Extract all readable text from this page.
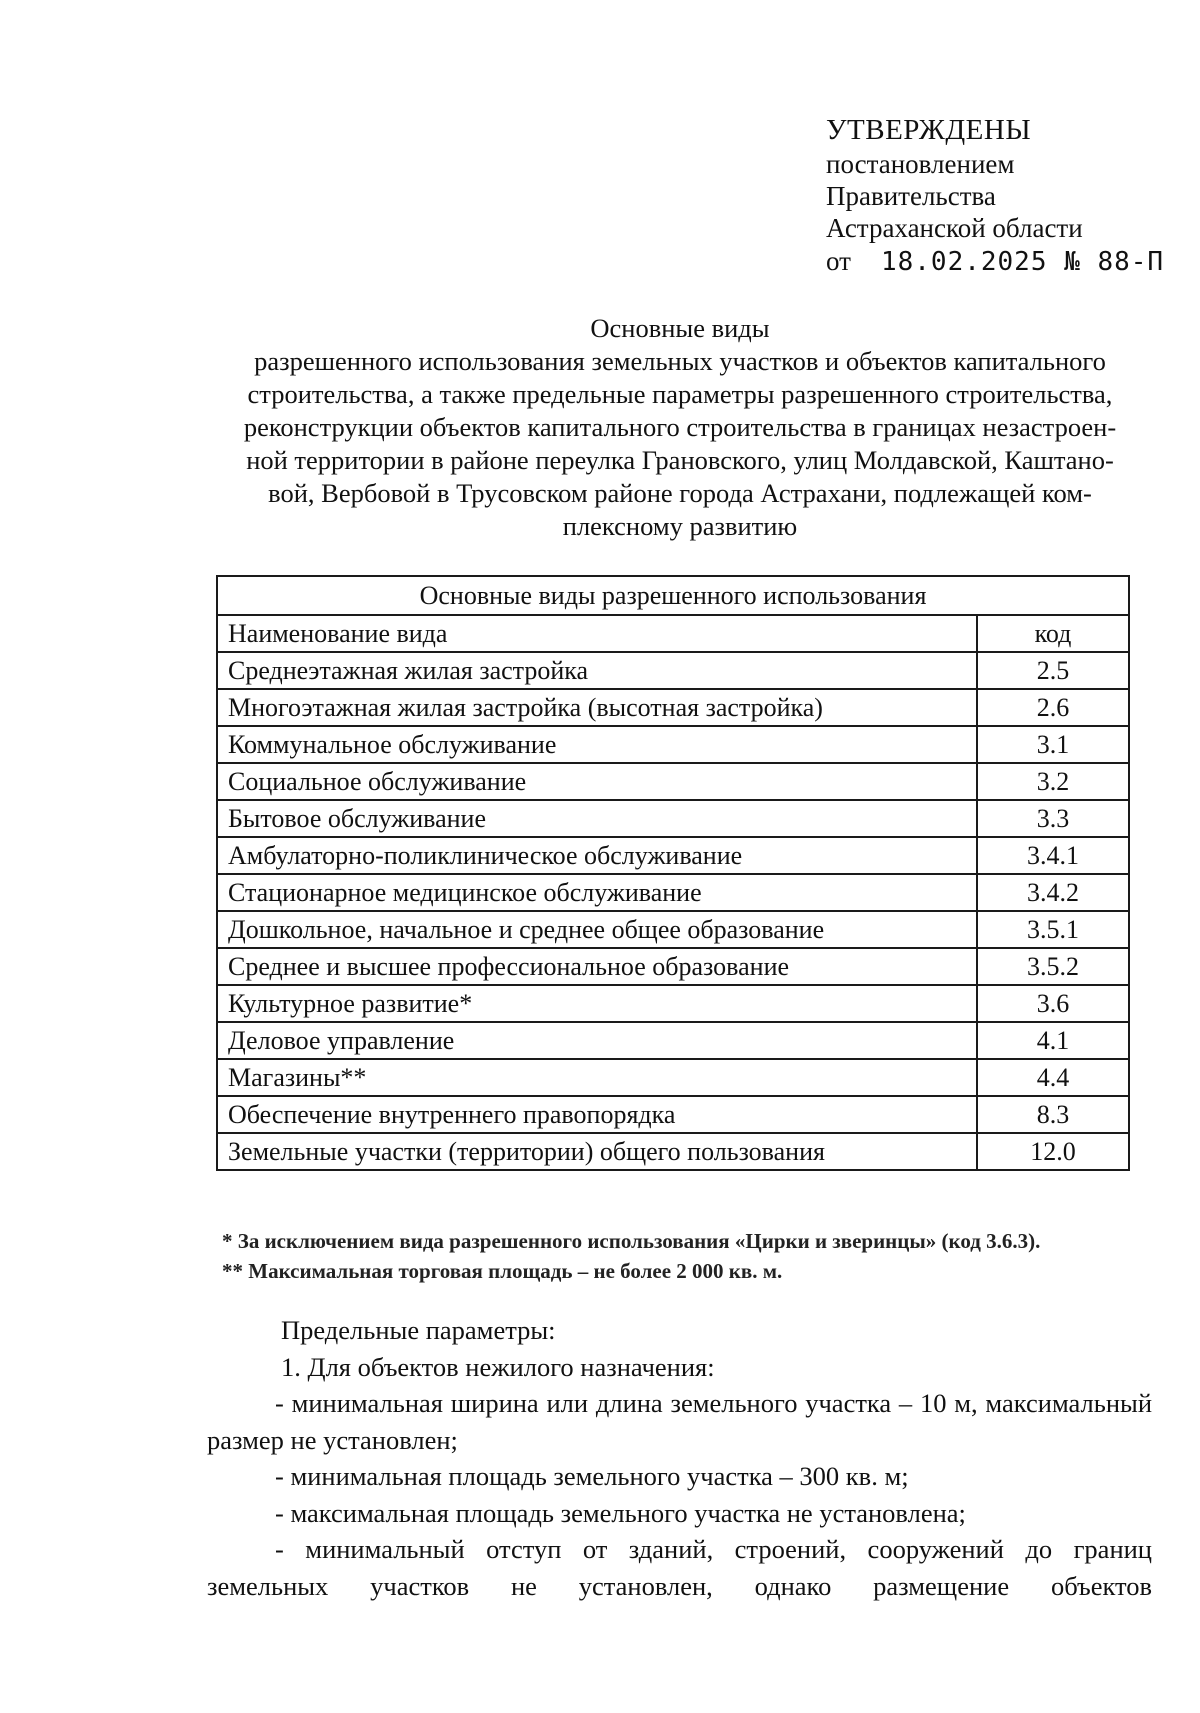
УТВЕРЖДЕНЫ
постановлением
Правительства
Астраханской области
от 18.02.2025 № 88-П
Основные виды
разрешенного использования земельных участков и объектов капитального
строительства, а также предельные параметры разрешенного строительства,
реконструкции объектов капитального строительства в границах незастроен-
ной территории в районе переулка Грановского, улиц Молдавской, Каштано-
вой, Вербовой в Трусовском районе города Астрахани, подлежащей ком-
плексному развитию
Основные виды разрешенного использования	
Наименование вида	код
Среднеэтажная жилая застройка	2.5
Многоэтажная жилая застройка (высотная застройка)	2.6
Коммунальное обслуживание	3.1
Социальное обслуживание	3.2
Бытовое обслуживание	3.3
Амбулаторно-поликлиническое обслуживание	3.4.1
Стационарное медицинское обслуживание	3.4.2
Дошкольное, начальное и среднее общее образование	3.5.1
Среднее и высшее профессиональное образование	3.5.2
Культурное развитие*	3.6
Деловое управление	4.1
Магазины**	4.4
Обеспечение внутреннего правопорядка	8.3
Земельные участки (территории) общего пользования	12.0
* За исключением вида разрешенного использования «Цирки и зверинцы» (код 3.6.3).
** Максимальная торговая площадь – не более 2 000 кв. м.
Предельные параметры:
1. Для объектов нежилого назначения:
- минимальная ширина или длина земельного участка – 10 м, максимальный размер не установлен;
- минимальная площадь земельного участка – 300 кв. м;
- максимальная площадь земельного участка не установлена;
- минимальный отступ от зданий, строений, сооружений до границ
земельных участков не установлен, однако размещение объектов
